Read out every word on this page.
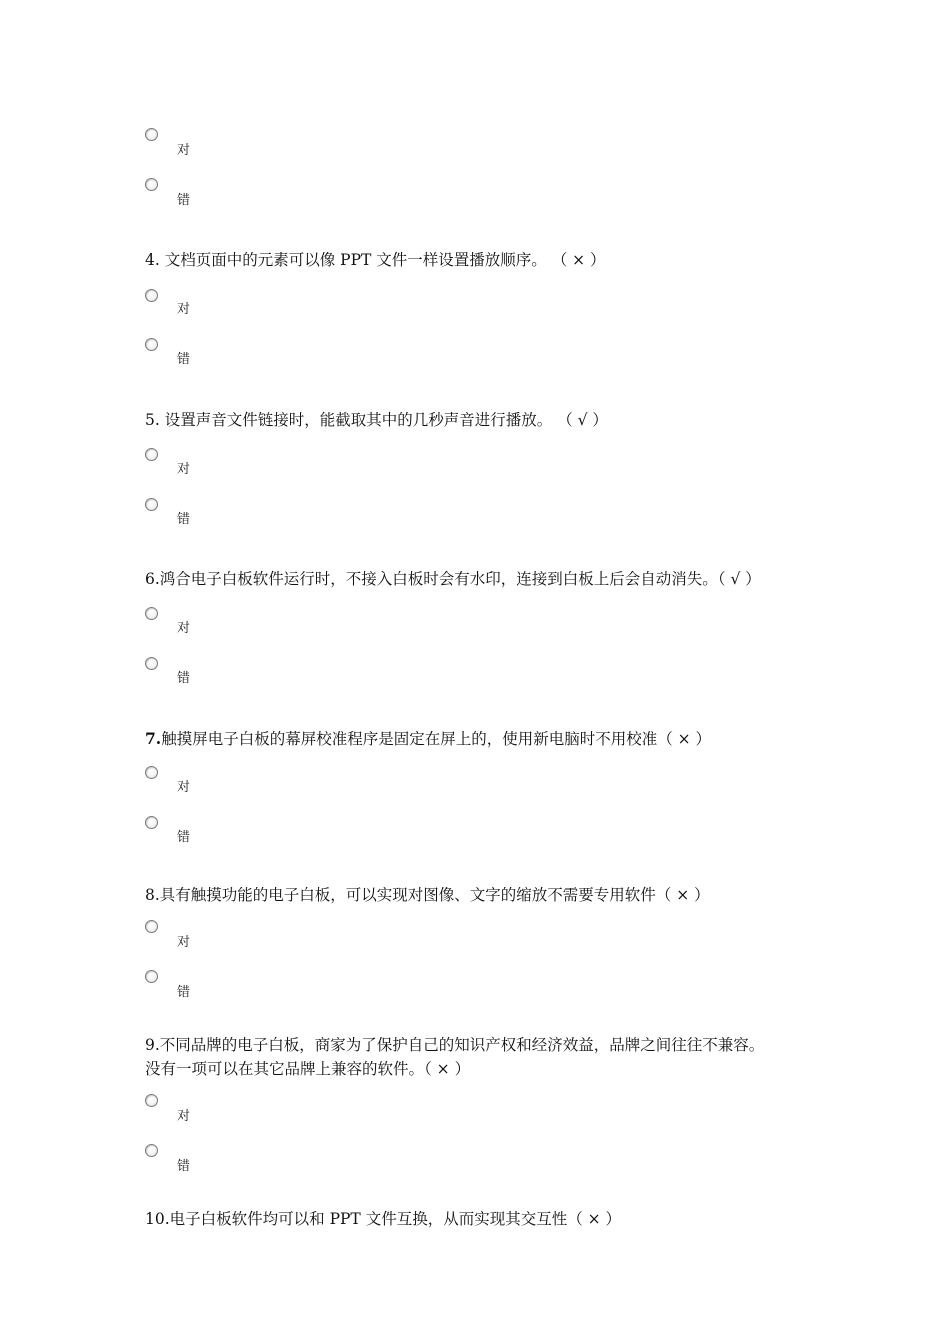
对
错
4. 文档页面中的元素可以像 PPT 文件一样设置播放顺序。 （ × ）
对
错
5. 设置声音文件链接时，能截取其中的几秒声音进行播放。 （ √ ）
对
错
6.鸿合电子白板软件运行时，不接入白板时会有水印，连接到白板上后会自动消失。（ √ ）
对
错
7.触摸屏电子白板的幕屏校准程序是固定在屏上的，使用新电脑时不用校准（ × ）
对
错
8.具有触摸功能的电子白板，可以实现对图像、文字的缩放不需要专用软件（ × ）
对
错
9.不同品牌的电子白板，商家为了保护自己的知识产权和经济效益，品牌之间往往不兼容。
没有一项可以在其它品牌上兼容的软件。（ × ）
对
错
10.电子白板软件均可以和 PPT 文件互换，从而实现其交互性（ × ）
